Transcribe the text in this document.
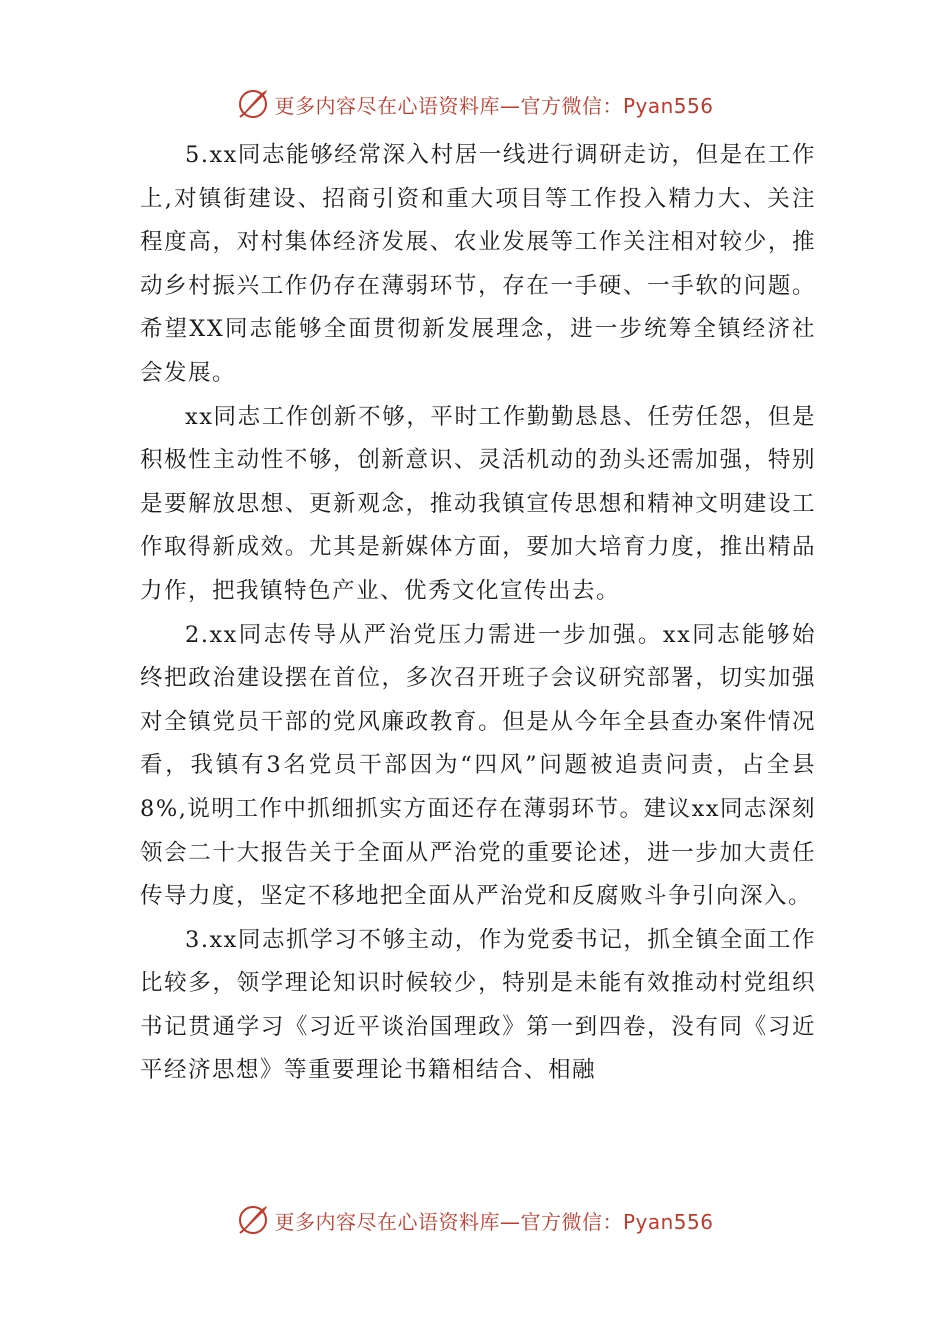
更多内容尽在心语资料库—官方微信：Pyan556

5.xx同志能够经常深入村居一线进行调研走访，但是在工作上,对镇街建设、招商引资和重大项目等工作投入精力大、关注程度高，对村集体经济发展、农业发展等工作关注相对较少，推动乡村振兴工作仍存在薄弱环节，存在一手硬、一手软的问题。希望XX同志能够全面贯彻新发展理念，进一步统筹全镇经济社会发展。

xx同志工作创新不够，平时工作勤勤恳恳、任劳任怨，但是积极性主动性不够，创新意识、灵活机动的劲头还需加强，特别是要解放思想、更新观念，推动我镇宣传思想和精神文明建设工作取得新成效。尤其是新媒体方面，要加大培育力度，推出精品力作，把我镇特色产业、优秀文化宣传出去。

2.xx同志传导从严治党压力需进一步加强。xx同志能够始终把政治建设摆在首位，多次召开班子会议研究部署，切实加强对全镇党员干部的党风廉政教育。但是从今年全县查办案件情况看，我镇有3名党员干部因为“四风”问题被追责问责，占全县8%,说明工作中抓细抓实方面还存在薄弱环节。建议xx同志深刻领会二十大报告关于全面从严治党的重要论述，进一步加大责任传导力度，坚定不移地把全面从严治党和反腐败斗争引向深入。

3.xx同志抓学习不够主动，作为党委书记，抓全镇全面工作比较多，领学理论知识时候较少，特别是未能有效推动村党组织书记贯通学习《习近平谈治国理政》第一到四卷，没有同《习近平经济思想》等重要理论书籍相结合、相融

更多内容尽在心语资料库—官方微信：Pyan556
